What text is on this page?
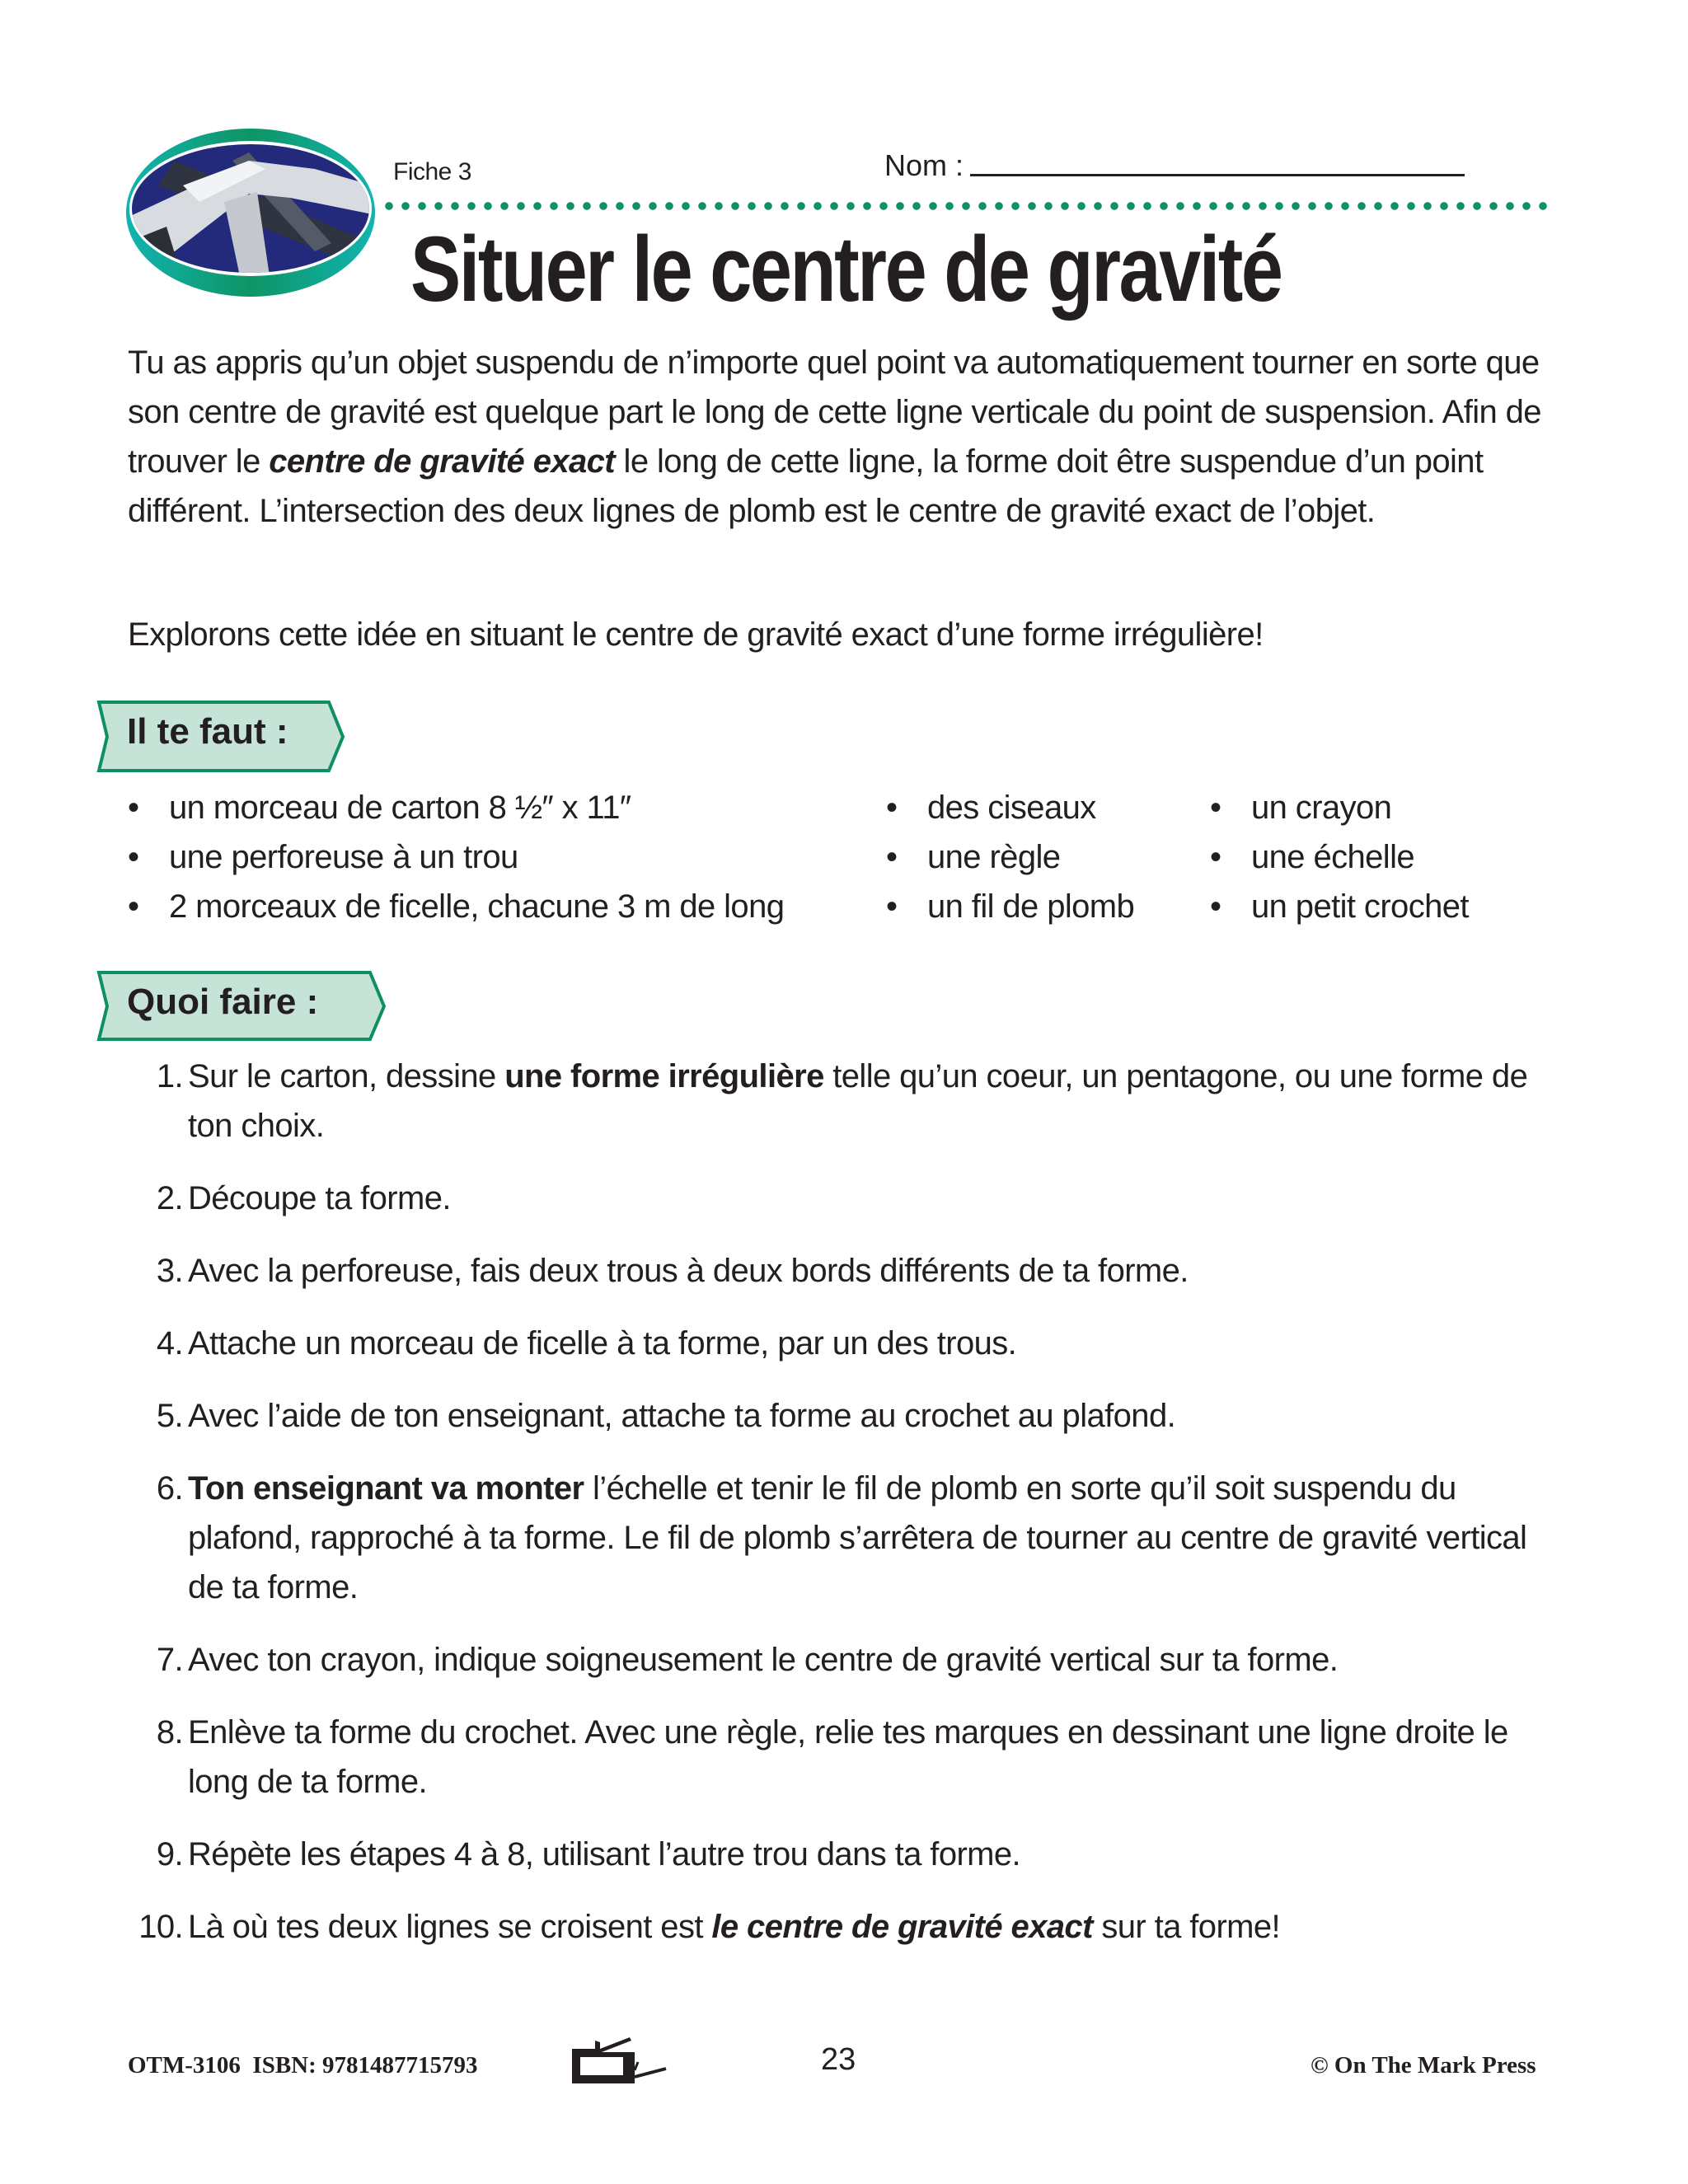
Fiche 3	Nom :
Situer le centre de gravité
Tu as appris qu’un objet suspendu de n’importe quel point va automatiquement tourner en sorte que son centre de gravité est quelque part le long de cette ligne verticale du point de suspension. Afin de trouver le centre de gravité exact le long de cette ligne, la forme doit être suspendue d’un point différent. L’intersection des deux lignes de plomb est le centre de gravité exact de l’objet.
Explorons cette idée en situant le centre de gravité exact d’une forme irrégulière!
Il te faut :
• un morceau de carton 8 ½″ x 11″
• une perforeuse à un trou
• 2 morceaux de ficelle, chacune 3 m de long
• des ciseaux
• une règle
• un fil de plomb
• un crayon
• une échelle
• un petit crochet
Quoi faire :
1. Sur le carton, dessine une forme irrégulière telle qu’un coeur, un pentagone, ou une forme de ton choix.
2. Découpe ta forme.
3. Avec la perforeuse, fais deux trous à deux bords différents de ta forme.
4. Attache un morceau de ficelle à ta forme, par un des trous.
5. Avec l’aide de ton enseignant, attache ta forme au crochet au plafond.
6. Ton enseignant va monter l’échelle et tenir le fil de plomb en sorte qu’il soit suspendu du plafond, rapproché à ta forme. Le fil de plomb s’arrêtera de tourner au centre de gravité vertical de ta forme.
7. Avec ton crayon, indique soigneusement le centre de gravité vertical sur ta forme.
8. Enlève ta forme du crochet. Avec une règle, relie tes marques en dessinant une ligne droite le long de ta forme.
9. Répète les étapes 4 à 8, utilisant l’autre trou dans ta forme.
10. Là où tes deux lignes se croisent est le centre de gravité exact sur ta forme!
OTM-3106  ISBN: 9781487715793	23	© On The Mark Press
